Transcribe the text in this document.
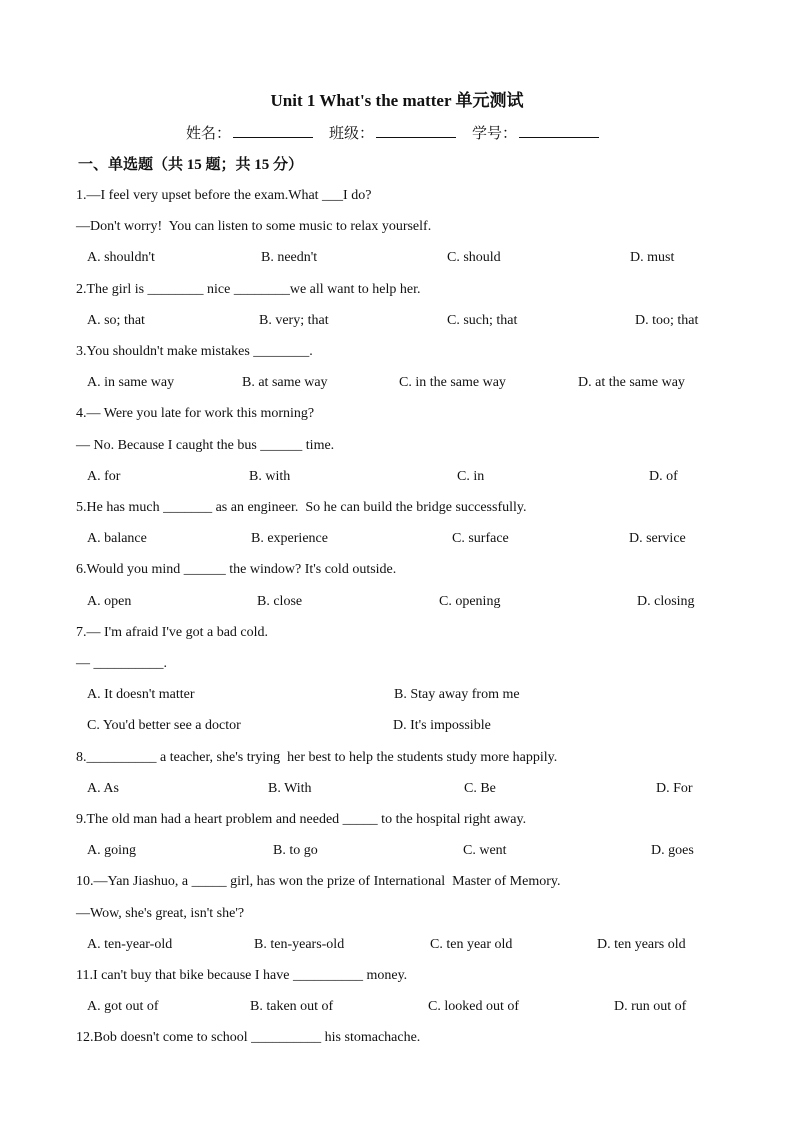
Unit 1 What's the matter 单元测试
姓名：	班级：	学号：
一、单选题（共 15 题；共 15 分）
1.—I feel very upset before the exam.What ___I do?
—Don't worry!  You can listen to some music to relax yourself.
A. shouldn't	B. needn't	C. should	D. must
2.The girl is ________ nice ________we all want to help her.
A. so; that	B. very; that	C. such; that	D. too; that
3.You shouldn't make mistakes ________.
A. in same way	B. at same way	C. in the same way	D. at the same way
4.— Were you late for work this morning?
— No. Because I caught the bus ______ time.
A. for	B. with	C. in	D. of
5.He has much _______ as an engineer.  So he can build the bridge successfully.
A. balance	B. experience	C. surface	D. service
6.Would you mind ______ the window? It's cold outside.
A. open	B. close	C. opening	D. closing
7.— I'm afraid I've got a bad cold.
— __________.
A. It doesn't matter	B. Stay away from me
C. You'd better see a doctor	D. It's impossible
8.__________ a teacher, she's trying  her best to help the students study more happily.
A. As	B. With	C. Be	D. For
9.The old man had a heart problem and needed _____ to the hospital right away.
A. going	B. to go	C. went	D. goes
10.—Yan Jiashuo, a _____ girl, has won the prize of International  Master of Memory.
—Wow, she's great, isn't she'?
A. ten-year-old	B. ten-years-old	C. ten year old	D. ten years old
11.I can't buy that bike because I have __________ money.
A. got out of	B. taken out of	C. looked out of	D. run out of
12.Bob doesn't come to school __________ his stomachache.
